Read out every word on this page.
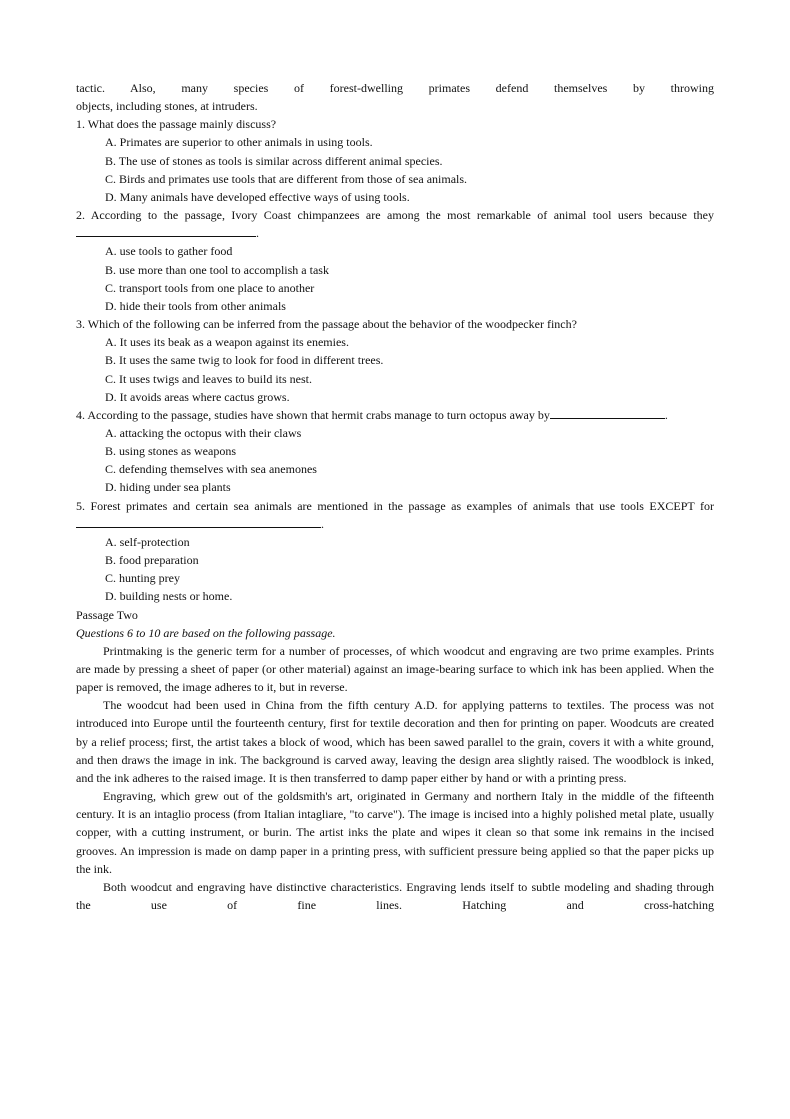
tactic. Also, many species of forest-dwelling primates defend themselves by throwing

objects, including stones, at intruders.

1. What does the passage mainly discuss?

A. Primates are superior to other animals in using tools.

B. The use of stones as tools is similar across different animal species.

C. Birds and primates use tools that are different from those of sea animals.

D. Many animals have developed effective ways of using tools.

2. According to the passage, Ivory Coast chimpanzees are among the most remarkable of animal tool users because they.

A. use tools to gather food

B. use more than one tool to accomplish a task

C. transport tools from one place to another

D. hide their tools from other animals

3. Which of the following can be inferred from the passage about the behavior of the woodpecker finch?

A. It uses its beak as a weapon against its enemies.

B. It uses the same twig to look for food in different trees.

C. It uses twigs and leaves to build its nest.

D. It avoids areas where cactus grows.

4. According to the passage, studies have shown that hermit crabs manage to turn octopus away by	.

A. attacking the octopus with their claws

B. using stones as weapons

C. defending themselves with sea anemones

D. hiding under sea plants

5. Forest primates and certain sea animals are mentioned in the passage as examples of animals that use tools EXCEPT for.

A. self-protection

B. food preparation

C. hunting prey

D. building nests or home.

Passage Two

Questions 6 to 10 are based on the following passage.

Printmaking is the generic term for a number of processes, of which woodcut and engraving are two prime examples. Prints are made by pressing a sheet of paper (or other material) against an image-bearing surface to which ink has been applied. When the paper is removed, the image adheres to it, but in reverse.

The woodcut had been used in China from the fifth century A.D. for applying patterns to textiles. The process was not introduced into Europe until the fourteenth century, first for textile decoration and then for printing on paper. Woodcuts are created by a relief process; first, the artist takes a block of wood, which has been sawed parallel to the grain, covers it with a white ground, and then draws the image in ink. The background is carved away, leaving the design area slightly raised. The woodblock is inked, and the ink adheres to the raised image. It is then transferred to damp paper either by hand or with a printing press.

Engraving, which grew out of the goldsmith's art, originated in Germany and northern Italy in the middle of the fifteenth century. It is an intaglio process (from Italian intagliare, "to carve"). The image is incised into a highly polished metal plate, usually copper, with a cutting instrument, or burin. The artist inks the plate and wipes it clean so that some ink remains in the incised grooves. An impression is made on damp paper in a printing press, with sufficient pressure being applied so that the paper picks up the ink.

Both woodcut and engraving have distinctive characteristics. Engraving lends itself to subtle modeling and shading through the use of fine lines. Hatching and cross-hatching
